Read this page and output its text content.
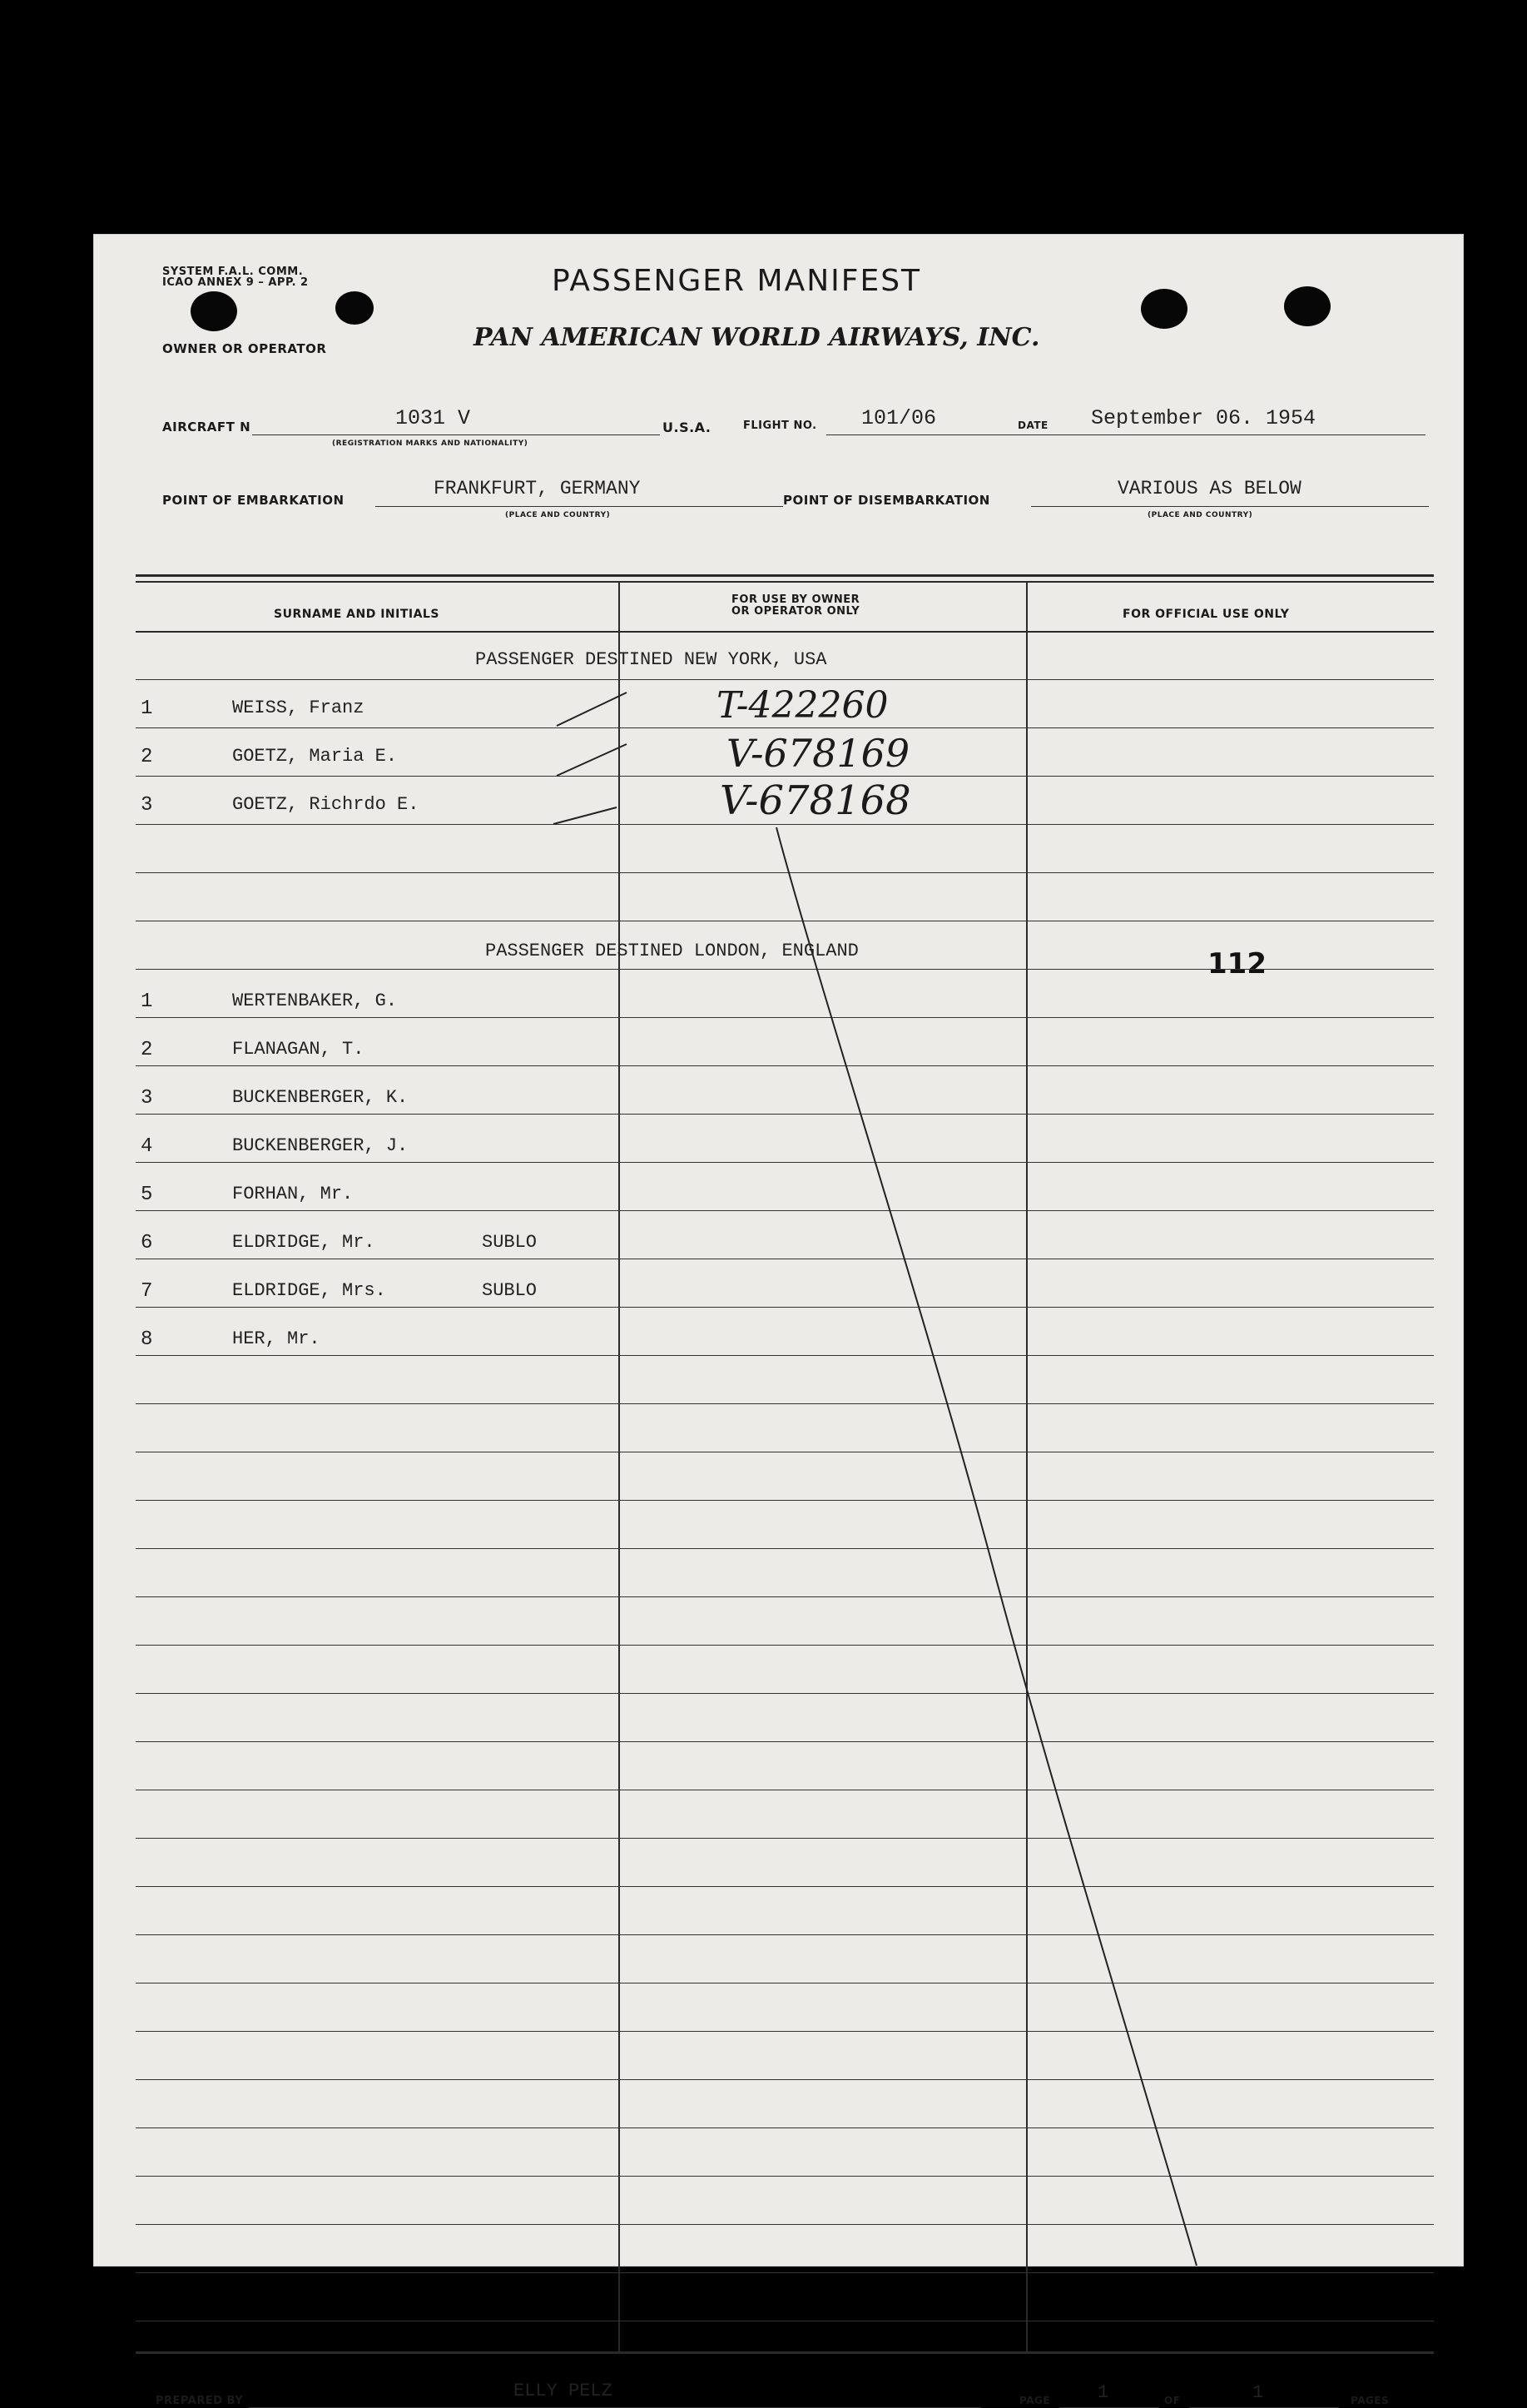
SYSTEM F.A.L. COMM.
ICAO ANNEX 9 – APP. 2	PASSENGER MANIFEST
OWNER OR OPERATOR	PAN AMERICAN WORLD AIRWAYS, INC.
AIRCRAFT N	1031 V
(REGISTRATION MARKS AND NATIONALITY)
U.S.A.	FLIGHT NO. 101/06	DATE September 06. 1954
POINT OF EMBARKATION
FRANKFURT, GERMANY
(PLACE AND COUNTRY)
POINT OF DISEMBARKATION
VARIOUS AS BELOW
(PLACE AND COUNTRY)
SURNAME AND INITIALS
FOR USE BY OWNER
OR OPERATOR ONLY	FOR OFFICIAL USE ONLY
PASSENGER DESTINED NEW YORK, USA
1	WEISS, Franz	T-422260
2	GOETZ, Maria E.	V-678169
3	GOETZ, Richrdo E.	V-678168
PASSENGER DESTINED LONDON, ENGLAND	112
1	WERTENBAKER, G.
2	FLANAGAN, T.
3	BUCKENBERGER, K.
4	BUCKENBERGER, J.
5	FORHAN, Mr.
6	ELDRIDGE, Mr.	SUBLO
7	ELDRIDGE, Mrs.	SUBLO
8	HER, Mr.
PREPARED BY	ELLY PELZ	PAGE	1	OF	1	PAGES
